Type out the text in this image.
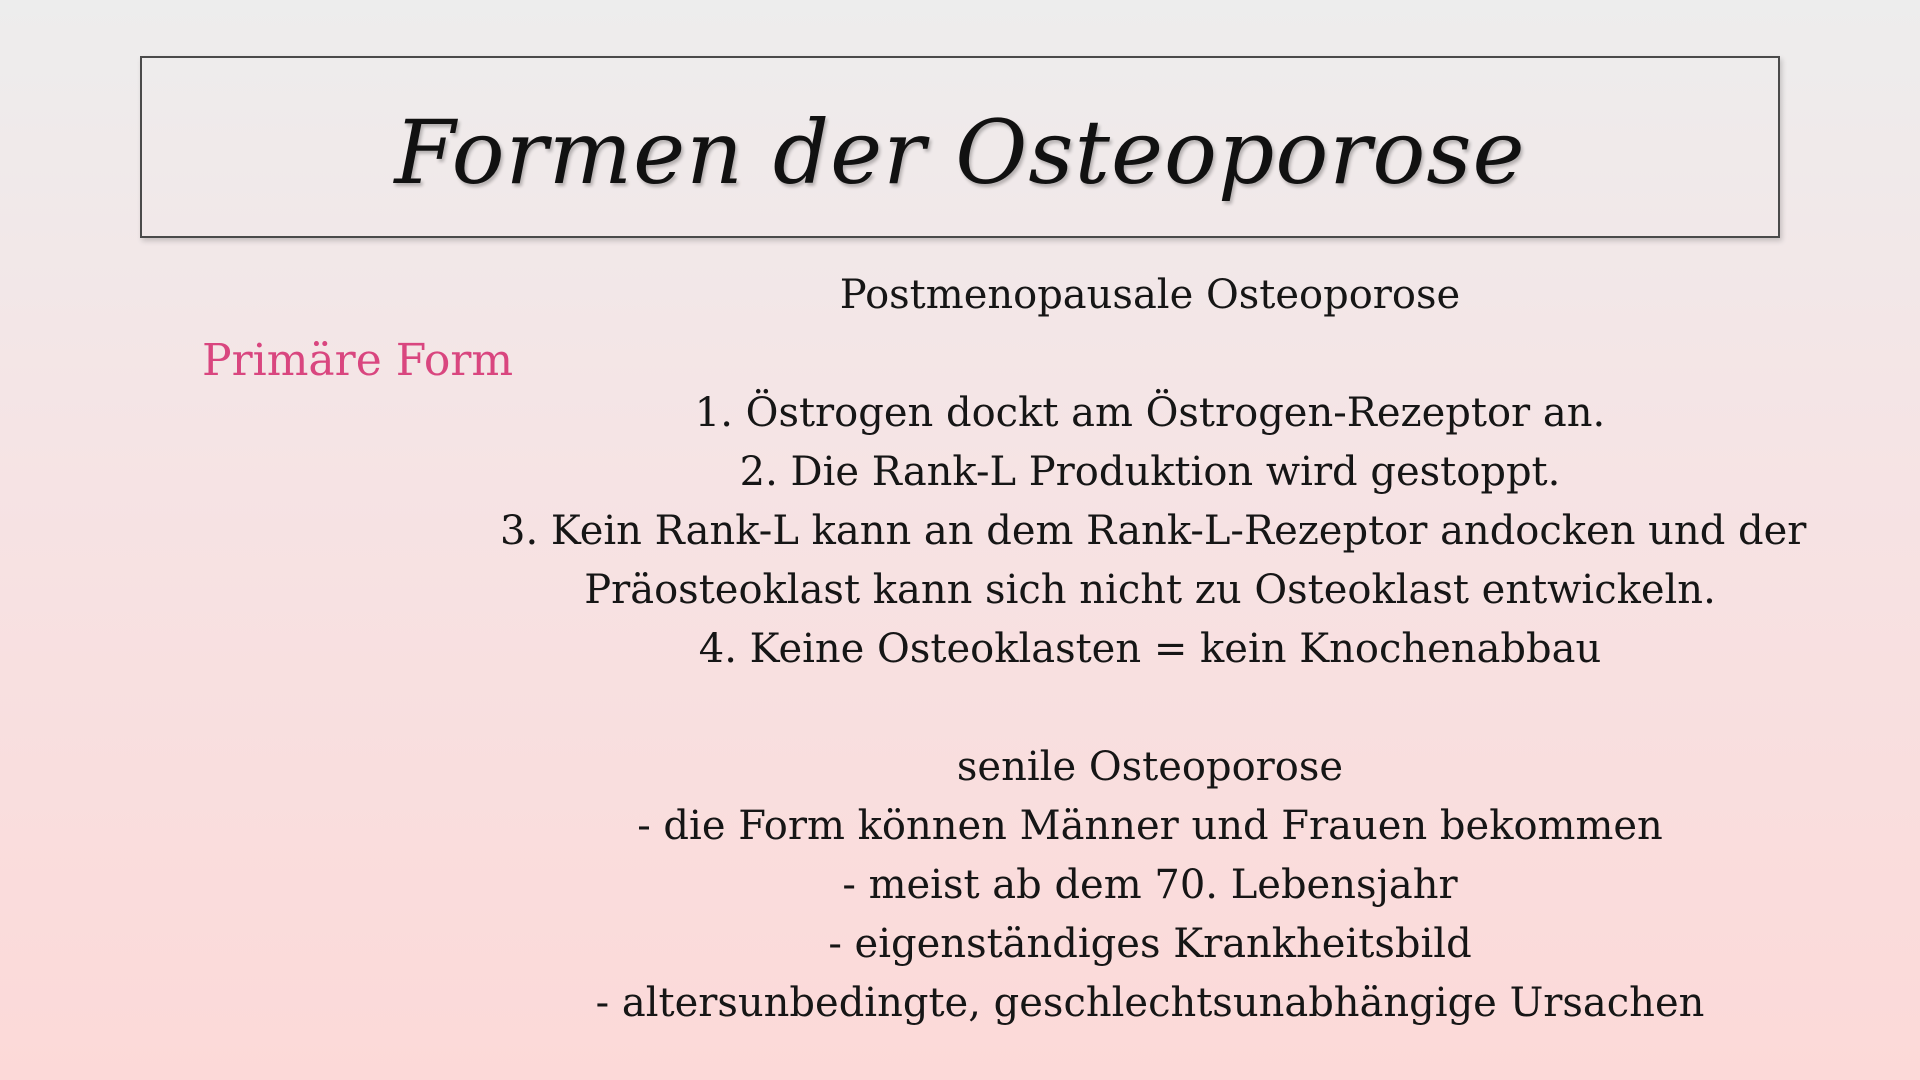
Formen der Osteoporose
Primäre Form
Postmenopausale Osteoporose
1. Östrogen dockt am Östrogen-Rezeptor an.
2. Die Rank-L Produktion wird gestoppt.
3. Kein Rank-L kann an dem Rank-L-Rezeptor andocken und der
Präosteoklast kann sich nicht zu Osteoklast entwickeln.
4. Keine Osteoklasten = kein Knochenabbau
senile Osteoporose
- die Form können Männer und Frauen bekommen
- meist ab dem 70. Lebensjahr
- eigenständiges Krankheitsbild
- altersunbedingte, geschlechtsunabhängige Ursachen
